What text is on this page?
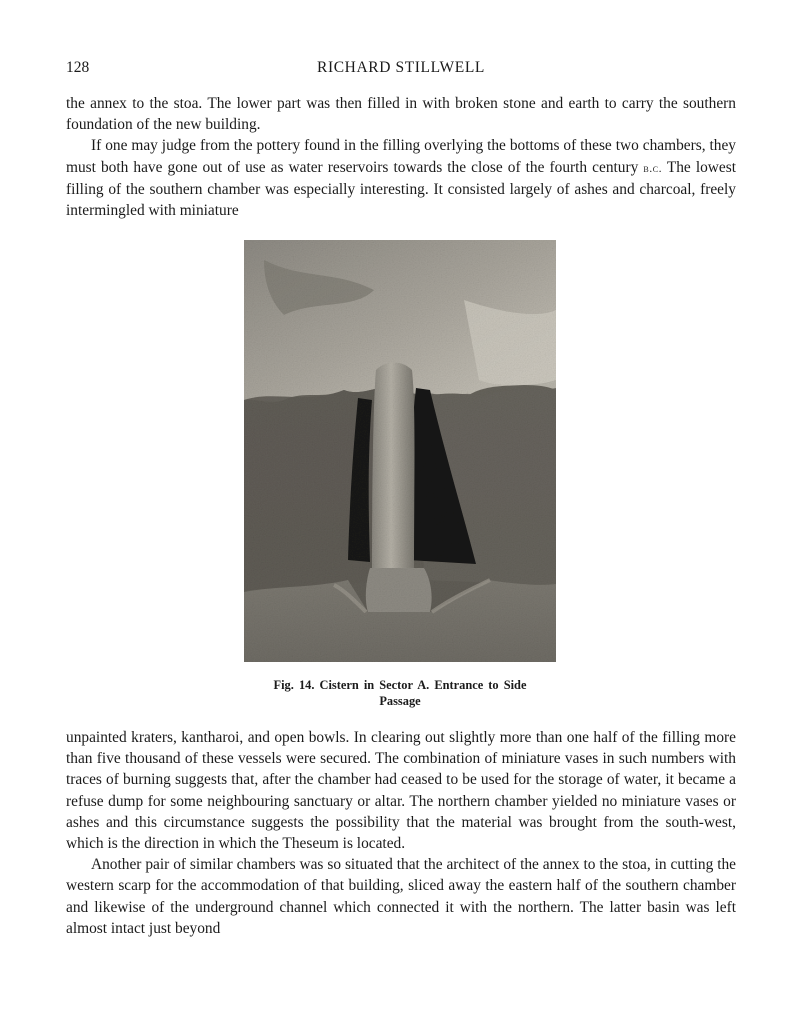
128	RICHARD STILLWELL

the annex to the stoa. The lower part was then filled in with broken stone and earth to carry the southern foundation of the new building.

If one may judge from the pottery found in the filling overlying the bottoms of these two chambers, they must both have gone out of use as water reservoirs towards the close of the fourth century b.c. The lowest filling of the southern chamber was especially interesting. It consisted largely of ashes and charcoal, freely intermingled with miniature

Fig. 14. Cistern in Sector A. Entrance to Side
Passage

unpainted kraters, kantharoi, and open bowls. In clearing out slightly more than one half of the filling more than five thousand of these vessels were secured. The combination of miniature vases in such numbers with traces of burning suggests that, after the chamber had ceased to be used for the storage of water, it became a refuse dump for some neighbouring sanctuary or altar. The northern chamber yielded no miniature vases or ashes and this circumstance suggests the possibility that the material was brought from the south-west, which is the direction in which the Theseum is located.

Another pair of similar chambers was so situated that the architect of the annex to the stoa, in cutting the western scarp for the accommodation of that building, sliced away the eastern half of the southern chamber and likewise of the underground channel which connected it with the northern. The latter basin was left almost intact just beyond
